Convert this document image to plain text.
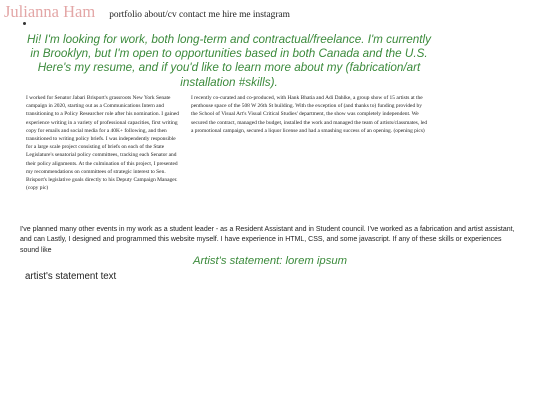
Julianna Ham portfolio about/cv contact me hire me instagram

Hi! I'm looking for work, both long-term and contractual/freelance. I'm currently in Brooklyn, but I'm open to opportunities based in both Canada and the U.S. Here's my resume, and if you'd like to learn more about my (fabrication/art installation #skills).

I worked for Senator Jabari Brisport's grassroots New York Senate campaign in 2020, starting out as a Communications Intern and transitioning to a Policy Researcher role after his nomination. I gained experience writing in a variety of professional capacities, first writing copy for emails and social media for a 40K+ following, and then transitioned to writing policy briefs. I was independently responsible for a large scale project consisting of briefs on each of the State Legislature's senatorial policy committees, tracking each Senator and their policy alignments. At the culmination of this project, I presented my recommendations on committees of strategic interest to Sen. Brisport's legislative goals directly to his Deputy Campaign Manager. (copy pic)

I recently co-curated and co-produced, with Hank Bhatia and Adi Dahlke, a group show of 15 artists at the penthouse space of the 508 W 26th St building. With the exception of (and thanks to) funding provided by the School of Visual Art's Visual Critical Studies' department, the show was completely independent. We secured the contract, managed the budget, installed the work and managed the team of artists/classmates, led a promotional campaign, secured a liquor license and had a smashing success of an opening. (opening pics)

I've planned many other events in my work as a student leader - as a Resident Assistant and in Student council. I've worked as a fabrication and artist assistant, and can Lastly, I designed and programmed this website myself. I have experience in HTML, CSS, and some javascript. If any of these skills or experiences sound like

Artist's statement: lorem ipsum

artist's statement text
